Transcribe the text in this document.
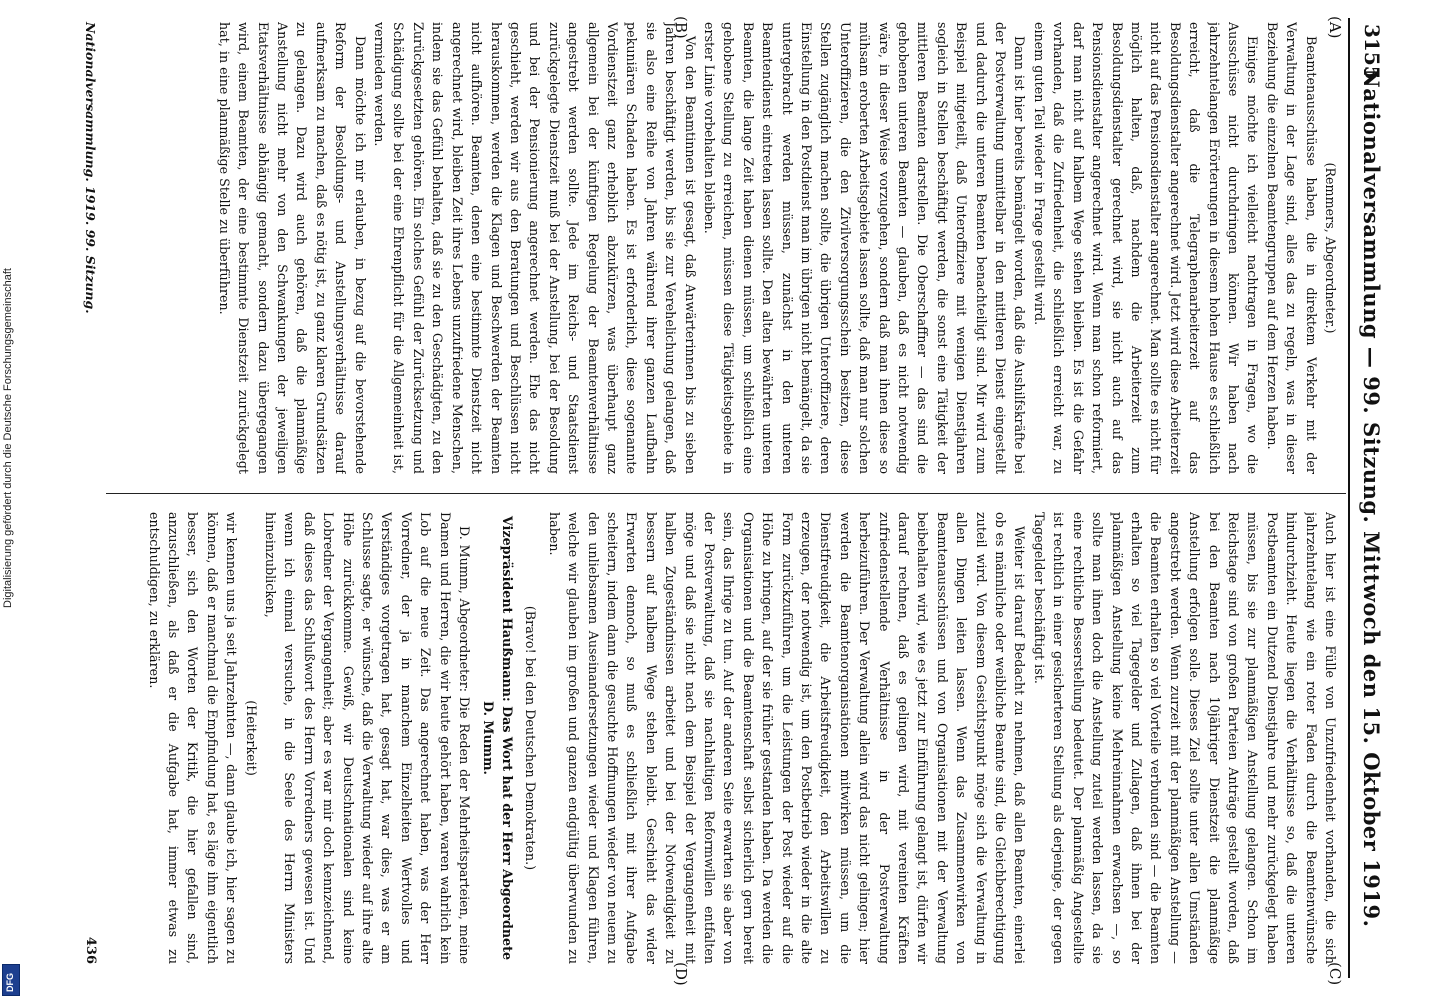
Digitalisierung gefördert durch die Deutsche Forschungsgemeinschaft
DFG
3155
Nationalversammlung — 99. Sitzung. Mittwoch den 15. Oktober 1919.
(A)
(B)
(C)
(D)

(Remmers, Abgeordneter.)

Beamtenausschüsse haben, die in direktem Verkehr mit der Verwaltung in der Lage sind, alles das zu regeln, was in dieser Beziehung die einzelnen Beamtengruppen auf dem Herzen haben.

Einiges möchte ich vielleicht nachtragen in Fragen, wo die Ausschüsse nicht durchdringen können. Wir haben nach jahrzehntelangen Erörterungen in diesem hohen Hause es schließlich erreicht, daß die Telegraphenarbeiterzeit auf das Besoldungsdienstalter angerechnet wird. Jetzt wird diese Arbeiterzeit nicht auf das Pensionsdienstalter angerechnet. Man sollte es nicht für möglich halten, daß, nachdem die Arbeiterzeit zum Besoldungsdienstalter gerechnet wird, sie nicht auch auf das Pensionsdienstalter angerechnet wird. Wenn man schon reformiert, darf man nicht auf halbem Wege stehen bleiben. Es ist die Gefahr vorhanden, daß die Zufriedenheit, die schließlich erreicht war, zu einem guten Teil wieder in Frage gestellt wird.

Dann ist hier bereits bemängelt worden, daß die Aushilfskräfte bei der Postverwaltung unmittelbar in den mittleren Dienst eingestellt und dadurch die unteren Beamten benachteiligt sind. Mir wird zum Beispiel mitgeteilt, daß Unteroffiziere mit wenigen Dienstjahren sogleich in Stellen beschäftigt werden, die sonst eine Tätigkeit der mittleren Beamten darstellen. Die Oberschaffner — das sind die gehobenen unteren Beamten — glauben, daß es nicht notwendig wäre, in dieser Weise vorzugehen, sondern daß man ihnen diese so mühsam eroberten Arbeitsgebiete lassen sollte, daß man nur solchen Unteroffizieren, die den Zivilversorgungsschein besitzen, diese Stellen zugänglich machen sollte, die übrigen Unteroffiziere, deren Einstellung in den Postdienst man im übrigen nicht bemängelt, da sie untergebracht werden müssen, zunächst in den unteren Beamtendienst eintreten lassen sollte. Den alten bewährten unteren Beamten, die lange Zeit haben dienen müssen, um schließlich eine gehobene Stellung zu erreichen, müssen diese Tätigkeitsgebiete in erster Linie vorbehalten bleiben.

Von den Beamtinnen ist gesagt, daß Anwärterinnen bis zu sieben Jahren beschäftigt werden, bis sie zur Verehelichung gelangen, daß sie also eine Reihe von Jahren während ihrer ganzen Laufbahn pekuniären Schaden haben. Es ist erforderlich, diese sogenannte Vordienstzeit ganz erheblich abzukürzen, was überhaupt ganz allgemein bei der künftigen Regelung der Beamtenverhältnisse angestrebt werden sollte. Jede im Reichs- und Staatsdienst zurückgelegte Dienstzeit muß bei der Anstellung, bei der Besoldung und bei der Pensionierung angerechnet werden. Ehe das nicht geschieht, werden wir aus den Beratungen und Beschlüssen nicht herauskommen, werden die Klagen und Beschwerden der Beamten nicht aufhören. Beamten, denen eine bestimmte Dienstzeit nicht angerechnet wird, bleiben Zeit ihres Lebens unzufriedene Menschen, indem sie das Gefühl behalten, daß sie zu den Geschädigten, zu den Zurückgesetzten gehören. Ein solches Gefühl der Zurücksetzung und Schädigung sollte bei der eine Ehrenpflicht für die Allgemeinheit ist, vermieden werden.

Dann möchte ich mir erlauben, in bezug auf die bevorstehende Reform der Besoldungs- und Anstellungsverhältnisse darauf aufmerksam zu machen, daß es nötig ist, zu ganz klaren Grundsätzen zu gelangen. Dazu wird auch gehören, daß die planmäßige Anstellung nicht mehr von den Schwankungen der jeweiligen Etatsverhältnisse abhängig gemacht, sondern dazu übergegangen wird, einem Beamten, der eine bestimmte Dienstzeit zurückgelegt hat, in eine planmäßige Stelle zu überführen.

Auch hier ist eine Fülle von Unzufriedenheit vorhanden, die sich jahrzehntelang wie ein roter Faden durch die Beamtenwünsche hindurchzieht. Heute liegen die Verhältnisse so, daß die unteren Postbeamten ein Dutzend Dienstjahre und mehr zurückgelegt haben müssen, bis sie zur planmäßigen Anstellung gelangen. Schon im Reichstage sind von großen Parteien Anträge gestellt worden, daß bei den Beamten nach 10jähriger Dienstzeit die planmäßige Anstellung erfolgen solle. Dieses Ziel sollte unter allen Umständen angestrebt werden. Wenn zurzeit mit der planmäßigen Anstellung — die Beamten erhalten so viel Vorteile verbunden sind — die Beamten erhalten so viel Tagegelder und Zulagen, daß ihnen bei der planmäßigen Anstellung keine Mehreinnahmen erwachsen —, so sollte man ihnen doch die Anstellung zuteil werden lassen, da sie eine rechtliche Besserstellung bedeutet. Der planmäßig Angestellte ist rechtlich in einer gesicherteren Stellung als derjenige, der gegen Tagegelder beschäftigt ist.

Weiter ist darauf Bedacht zu nehmen, daß allen Beamten, einerlei ob es männliche oder weibliche Beamte sind, die Gleichberechtigung zuteil wird. Von diesem Gesichtspunkt möge sich die Verwaltung in allen Dingen leiten lassen. Wenn das Zusammenwirken von Beamtenausschüssen und von Organisationen mit der Verwaltung beibehalten wird, wie es jetzt zur Einführung gelangt ist, dürfen wir darauf rechnen, daß es gelingen wird, mit vereinten Kräften zufriedenstellende Verhältnisse in der Postverwaltung herbeizuführen. Der Verwaltung allein wird das nicht gelingen; hier werden die Beamtenorganisationen mitwirken müssen, um die Dienstfreudigkeit, die Arbeitsfreudigkeit, den Arbeitswillen zu erzeugen, der notwendig ist, um den Postbetrieb wieder in die alte Form zurückzuführen, um die Leistungen der Post wieder auf die Höhe zu bringen, auf der sie früher gestanden haben. Da werden die Organisationen und die Beamtenschaft selbst sicherlich gern bereit sein, das Ihrige zu tun. Auf der anderen Seite erwarten sie aber von der Postverwaltung, daß sie nachhaltigen Reformwillen entfalten möge und daß sie nicht nach dem Beispiel der Vergangenheit mit halben Zugeständnissen arbeitet und bei der Notwendigkeit zu bessern auf halbem Wege stehen bleibt. Geschieht das wider Erwarten dennoch, so muß es schließlich mit ihrer Aufgabe scheitern, indem dann die gesuchte Hoffnungen wieder von neuem zu den unliebsamen Auseinandersetzungen wieder und Klagen führen, welche wir glauben im großen und ganzen endgültig überwunden zu haben.

(Bravo! bei den Deutschen Demokraten.)

Vizepräsident Haußmann: Das Wort hat der Herr Abgeordnete D. Mumm.

D. Mumm, Abgeordneter: Die Reden der Mehrheitsparteien, meine Damen und Herren, die wir heute gehört haben, waren wahrlich kein Lob auf die neue Zeit. Das angerechnet haben, was der Herr Vorredner, der ja in manchem Einzelheiten Wertvolles und Verständiges vorgetragen hat, gesagt hat, war dies, was er am Schlusse sagte, er wünsche, daß die Verwaltung wieder auf ihre alte Höhe zurückkomme. Gewiß, wir Deutschnationalen sind keine Lobredner der Vergangenheit; aber es war mir doch kennzeichnend, daß dieses das Schlußwort des Herrn Vorredners gewesen ist. Und wenn ich einmal versuche, in die Seele des Herrn Ministers hineinzublicken,

(Heiterkeit)

wir kennen uns ja seit Jahrzehnten —, dann glaube ich, hier sagen zu können, daß er manchmal die Empfindung hat, es läge ihm eigentlich besser, sich den Worten der Kritik, die hier gefallen sind, anzuschließen, als daß er die Aufgabe hat, immer etwas zu entschuldigen, zu erklären.

Nationalversammlung. 1919. 99. Sitzung.
436
